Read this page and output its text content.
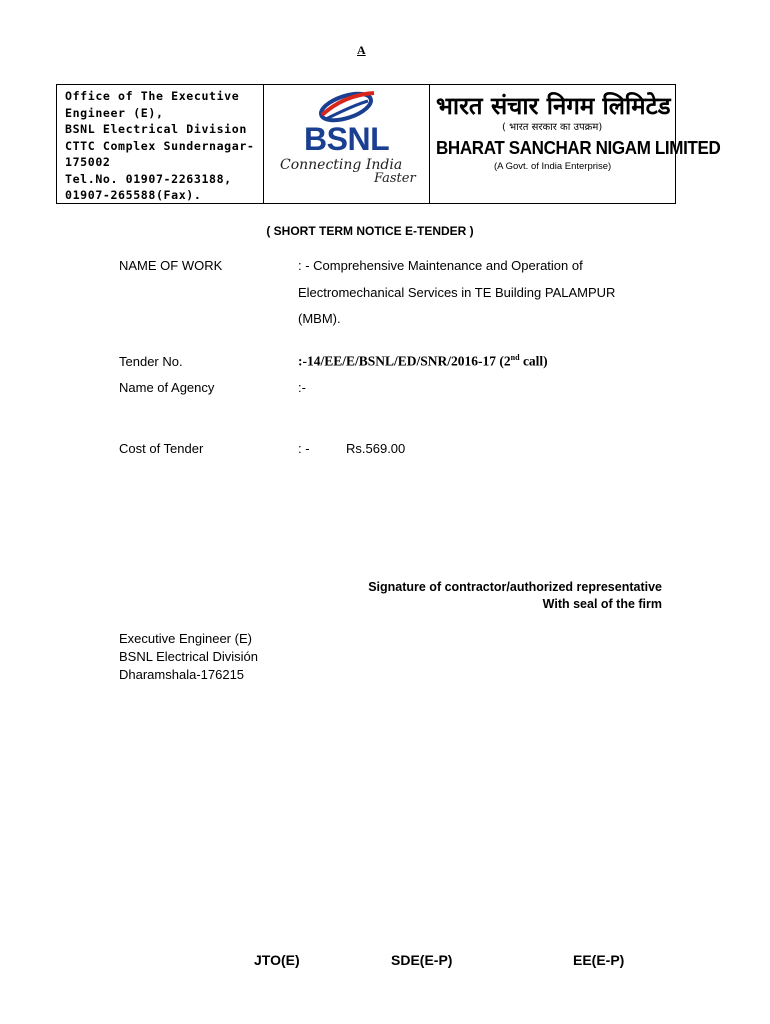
A
Office of The Executive
Engineer (E),
BSNL Electrical Division
CTTC Complex Sundernagar-
175002
Tel.No. 01907-2263188,
01907-265588(Fax).
BSNL
Connecting India
Faster
भारत संचार निगम लिमिटेड
( भारत सरकार का उपक्रम)
BHARAT SANCHAR NIGAM LIMITED
(A Govt. of India Enterprise)
( SHORT TERM NOTICE E-TENDER )
NAME OF WORK	: - Comprehensive Maintenance and Operation of
Electromechanical Services in TE Building PALAMPUR
(MBM).
Tender No.	:-14/EE/E/BSNL/ED/SNR/2016-17 (2nd call)
Name of Agency	:-
Cost of Tender	: -	Rs.569.00
Signature of contractor/authorized representative
With seal of the firm
Executive Engineer (E)
BSNL Electrical División
Dharamshala-176215
JTO(E)	SDE(E-P)	EE(E-P)
